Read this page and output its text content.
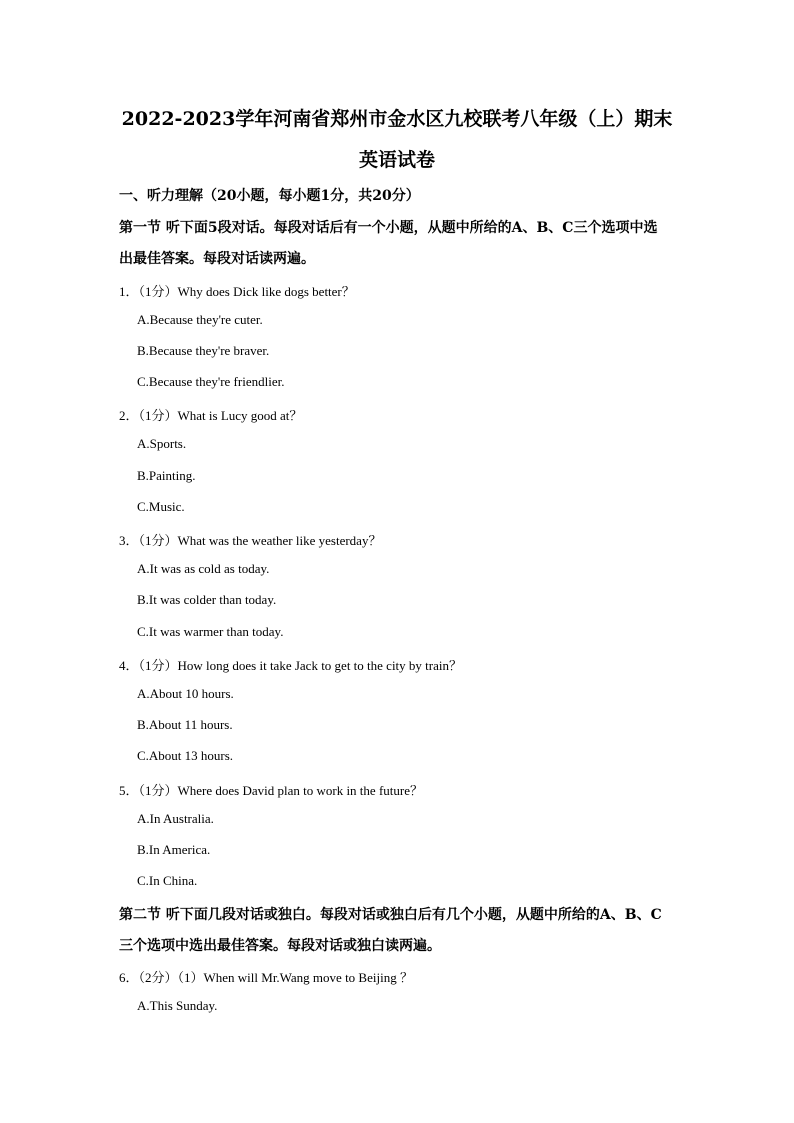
2022-2023学年河南省郑州市金水区九校联考八年级（上）期末
英语试卷
一、听力理解（20小题，每小题1分，共20分）
第一节 听下面5段对话。每段对话后有一个小题，从题中所给的A、B、C三个选项中选
出最佳答案。每段对话读两遍。
1．（1分）Why does Dick like dogs better？
A.Because they're cuter.
B.Because they're braver.
C.Because they're friendlier.
2．（1分）What is Lucy good at？
A.Sports.
B.Painting.
C.Music.
3．（1分）What was the weather like yesterday？
A.It was as cold as today.
B.It was colder than today.
C.It was warmer than today.
4．（1分）How long does it take Jack to get to the city by train？
A.About 10 hours.
B.About 11 hours.
C.About 13 hours.
5．（1分）Where does David plan to work in the future？
A.In Australia.
B.In America.
C.In China.
第二节 听下面几段对话或独白。每段对话或独白后有几个小题，从题中所给的A、B、C
三个选项中选出最佳答案。每段对话或独白读两遍。
6．（2分）（1）When will Mr.Wang move to Beijing ？
A.This Sunday.
